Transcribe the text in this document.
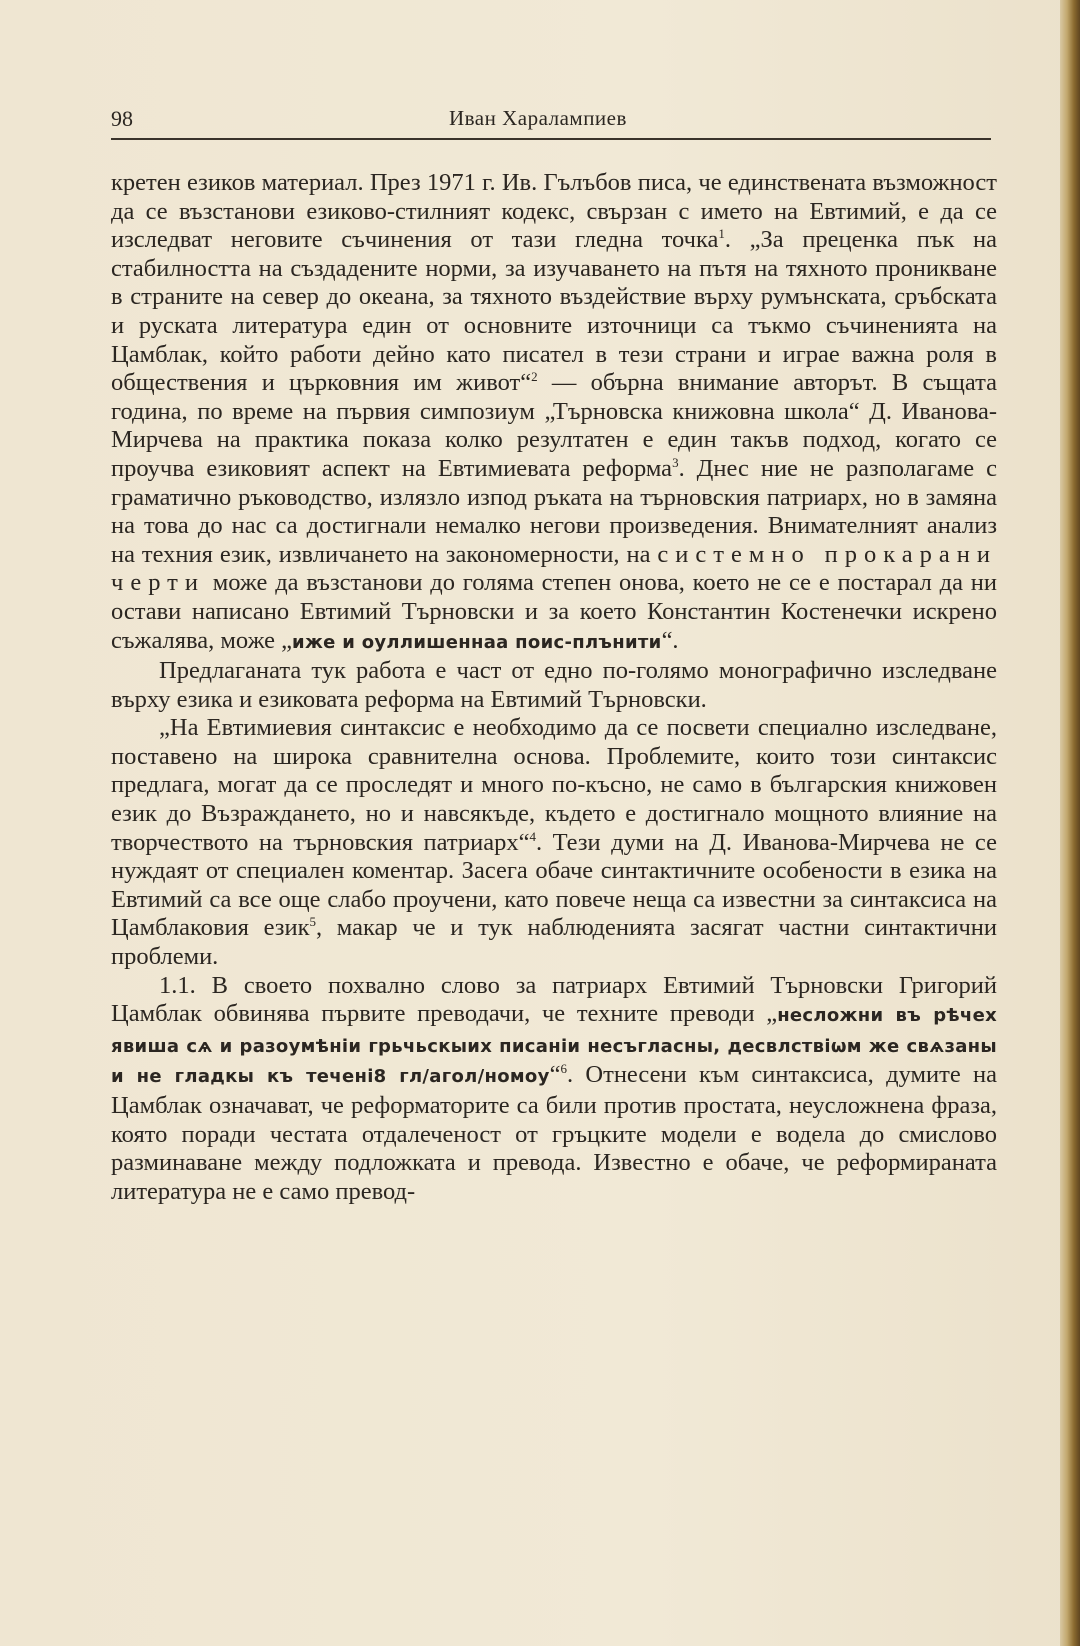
98	Иван Харалампиев

кретен езиков материал. През 1971 г. Ив. Гълъбов писа, че единствената възможност да се възстанови езиково-стилният кодекс, свързан с името на Евтимий, е да се изследват неговите съчинения от тази гледна точка$^1$. „За преценка пък на стабилността на създадените норми, за изучаването на пътя на тяхното проникване в страните на север до океана, за тяхното въздействие върху румънската, сръбската и руската литература един от основните източници са тъкмо съчиненията на Цамблак, който работи дейно като писател в тези страни и играе важна роля в обществения и църковния им живот“$^2$ — обърна внимание авторът. В същата година, по време на първия симпозиум „Търновска книжовна школа“ Д. Иванова-Мирчева на практика показа колко резултатен е един такъв подход, когато се проучва езиковият аспект на Евтимиевата реформа$^3$. Днес ние не разполагаме с граматично ръководство, излязло изпод ръката на търновския патриарх, но в замяна на това до нас са достигнали немалко негови произведения. Внимателният анализ на техния език, извличането на закономерности, на системно прокарани черти може да възстанови до голяма степен онова, което не се е постарал да ни остави написано Евтимий Търновски и за което Константин Костенечки искрено съжалява, може „иже и оуллишеннаа поис-плънити“.

Предлаганата тук работа е част от едно по-голямо монографично изследване върху езика и езиковата реформа на Евтимий Търновски.

„На Евтимиевия синтаксис е необходимо да се посвети специално изследване, поставено на широка сравнителна основа. Проблемите, които този синтаксис предлага, могат да се проследят и много по-късно, не само в българския книжовен език до Възраждането, но и навсякъде, където е достигнало мощното влияние на творчеството на търновския патриарх“$^4$. Тези думи на Д. Иванова-Мирчева не се нуждаят от специален коментар. Засега обаче синтактичните особености в езика на Евтимий са все още слабо проучени, като повече неща са известни за синтаксиса на Цамблаковия език$^5$, макар че и тук наблюденията засягат частни синтактични проблеми.

1.1. В своето похвално слово за патриарх Евтимий Търновски Григорий Цамблак обвинява първите преводачи, че техните преводи „несложни въ рѣчех явиша сѧ и разоумѣніи грьчьскыих писаніи несъгласны, десвлствіѡм же свѧзаны и не гладкы къ течені8 гл/агол/номоу“$^6$. Отнесени към синтаксиса, думите на Цамблак означават, че реформаторите са били против простата, неусложнена фраза, която поради честата отдалеченост от гръцките модели е водела до смислово разминаване между подложката и превода. Известно е обаче, че реформираната литература не е само превод-
